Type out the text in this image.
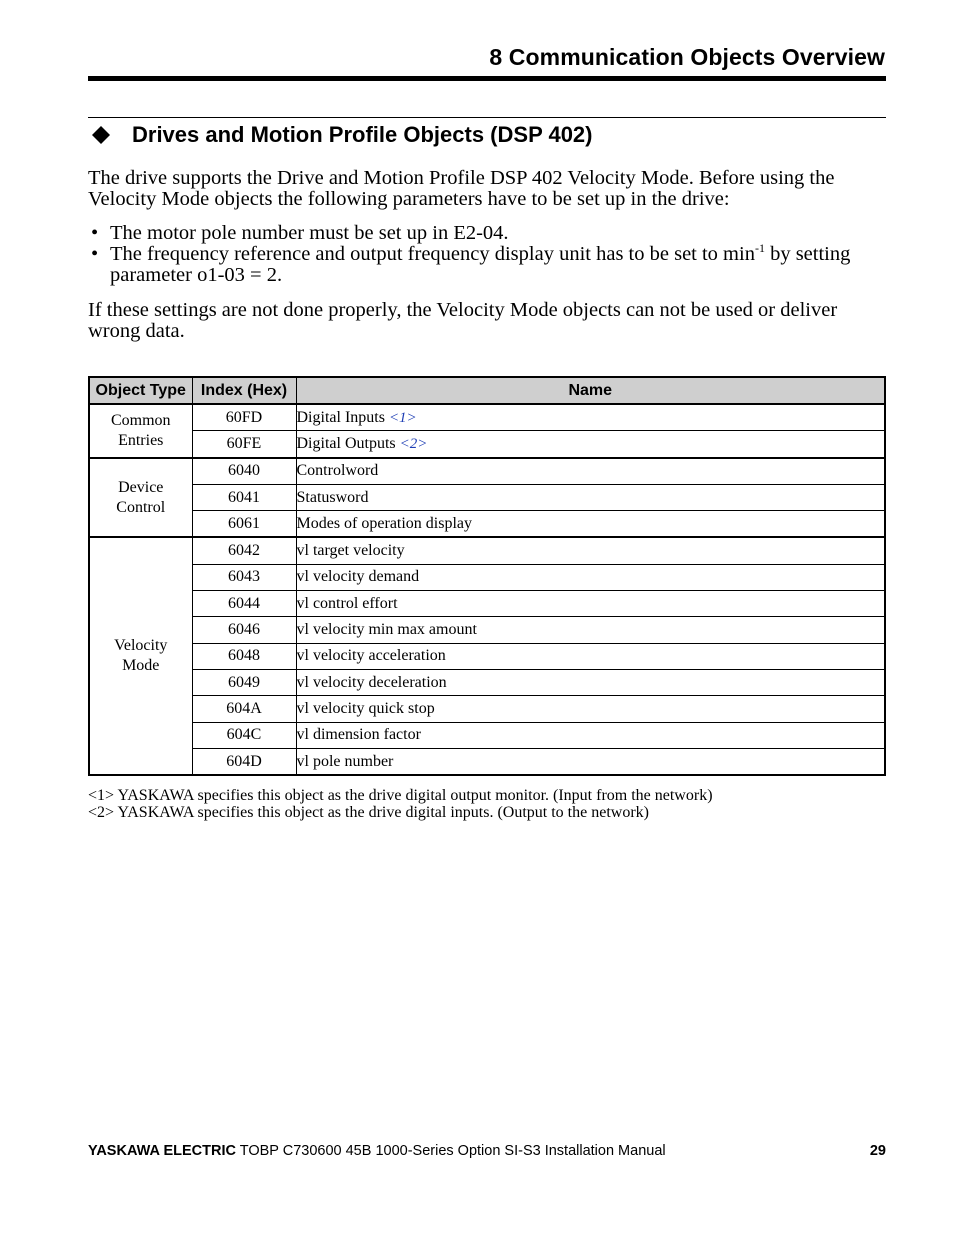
8 Communication Objects Overview
Drives and Motion Profile Objects (DSP 402)
The drive supports the Drive and Motion Profile DSP 402 Velocity Mode. Before using the Velocity Mode objects the following parameters have to be set up in the drive:
• The motor pole number must be set up in E2-04.
• The frequency reference and output frequency display unit has to be set to $\min^{-1}$ by setting parameter o1-03 = 2.
If these settings are not done properly, the Velocity Mode objects can not be used or deliver wrong data.
Object Type	Index (Hex)	Name
Common
Entries	60FD	Digital Inputs <1>
	60FE	Digital Outputs <2>
Device
Control	6040	Controlword
	6041	Statusword
	6061	Modes of operation display
Velocity
Mode	6042	vl target velocity
	6043	vl velocity demand
	6044	vl control effort
	6046	vl velocity min max amount
	6048	vl velocity acceleration
	6049	vl velocity deceleration
	604A	vl velocity quick stop
	604C	vl dimension factor
	604D	vl pole number
<1> YASKAWA specifies this object as the drive digital output monitor. (Input from the network)
<2> YASKAWA specifies this object as the drive digital inputs. (Output to the network)
YASKAWA ELECTRIC TOBP C730600 45B 1000-Series Option SI-S3 Installation Manual	29
